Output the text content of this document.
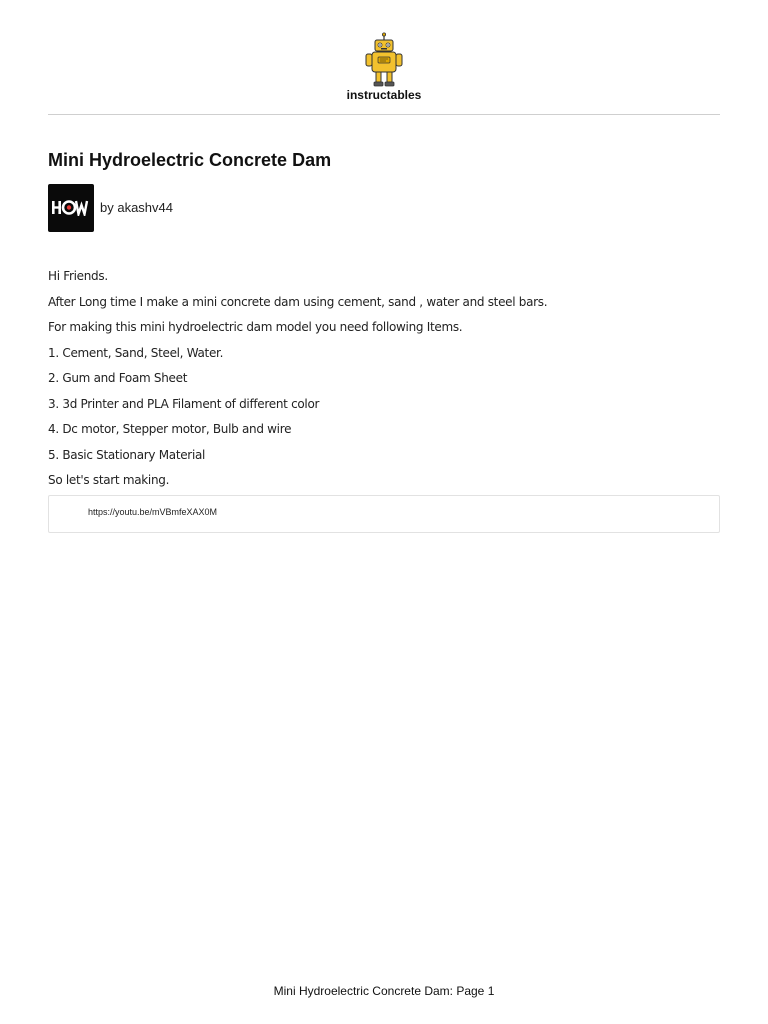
instructables
Mini Hydroelectric Concrete Dam
by akashv44

Hi Friends.

After Long time I make a mini concrete dam using cement, sand , water and steel bars.

For making this mini hydroelectric dam model you need following Items.

1. Cement, Sand, Steel, Water.

2. Gum and Foam Sheet

3. 3d Printer and PLA Filament of different color

4. Dc motor, Stepper motor, Bulb and wire

5. Basic Stationary Material

So let's start making.

https://youtu.be/mVBmfeXAX0M
Mini Hydroelectric Concrete Dam: Page 1
